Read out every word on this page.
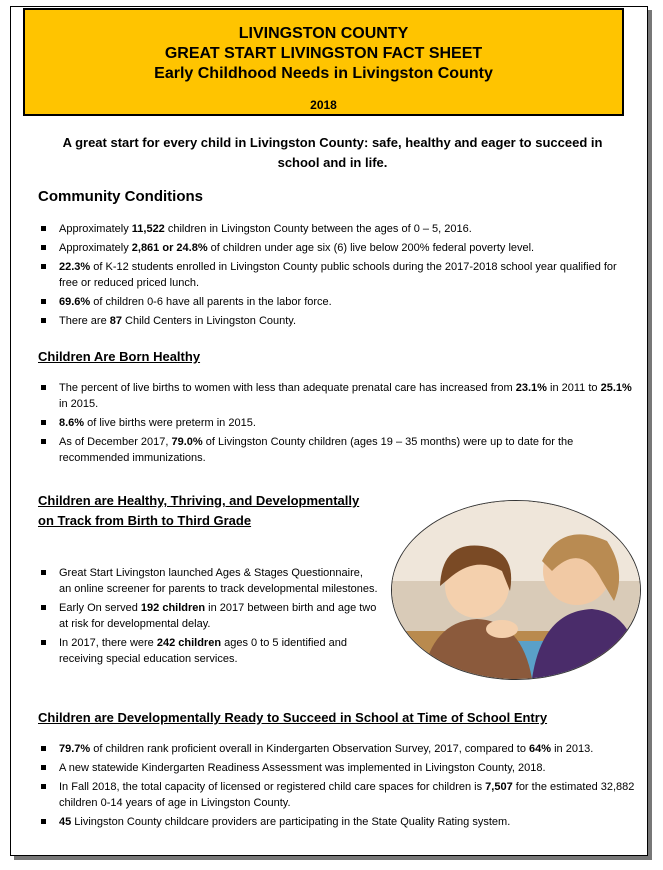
LIVINGSTON COUNTY
GREAT START LIVINGSTON FACT SHEET
Early Childhood Needs in Livingston County
2018
A great start for every child in Livingston County: safe, healthy and eager to succeed in school and in life.
Community Conditions
Approximately 11,522 children in Livingston County between the ages of 0 – 5, 2016.
Approximately 2,861 or 24.8% of children under age six (6) live below 200% federal poverty level.
22.3% of K-12 students enrolled in Livingston County public schools during the 2017-2018 school year qualified for free or reduced priced lunch.
69.6% of children 0-6 have all parents in the labor force.
There are 87 Child Centers in Livingston County.
Children Are Born Healthy
The percent of live births to women with less than adequate prenatal care has increased from 23.1% in 2011 to 25.1% in 2015.
8.6% of live births were preterm in 2015.
As of December 2017, 79.0% of Livingston County children (ages 19 – 35 months) were up to date for the recommended immunizations.
Children are Healthy, Thriving, and Developmentally on Track from Birth to Third Grade
Great Start Livingston launched Ages & Stages Questionnaire, an online screener for parents to track developmental milestones.
Early On served 192 children in 2017 between birth and age two at risk for developmental delay.
In 2017, there were 242 children ages 0 to 5 identified and receiving special education services.
Children are Developmentally Ready to Succeed in School at Time of School Entry
79.7% of children rank proficient overall in Kindergarten Observation Survey, 2017, compared to 64% in 2013.
A new statewide Kindergarten Readiness Assessment was implemented in Livingston County, 2018.
In Fall 2018, the total capacity of licensed or registered child care spaces for children is 7,507 for the estimated 32,882 children 0-14 years of age in Livingston County.
45 Livingston County childcare providers are participating in the State Quality Rating system.
